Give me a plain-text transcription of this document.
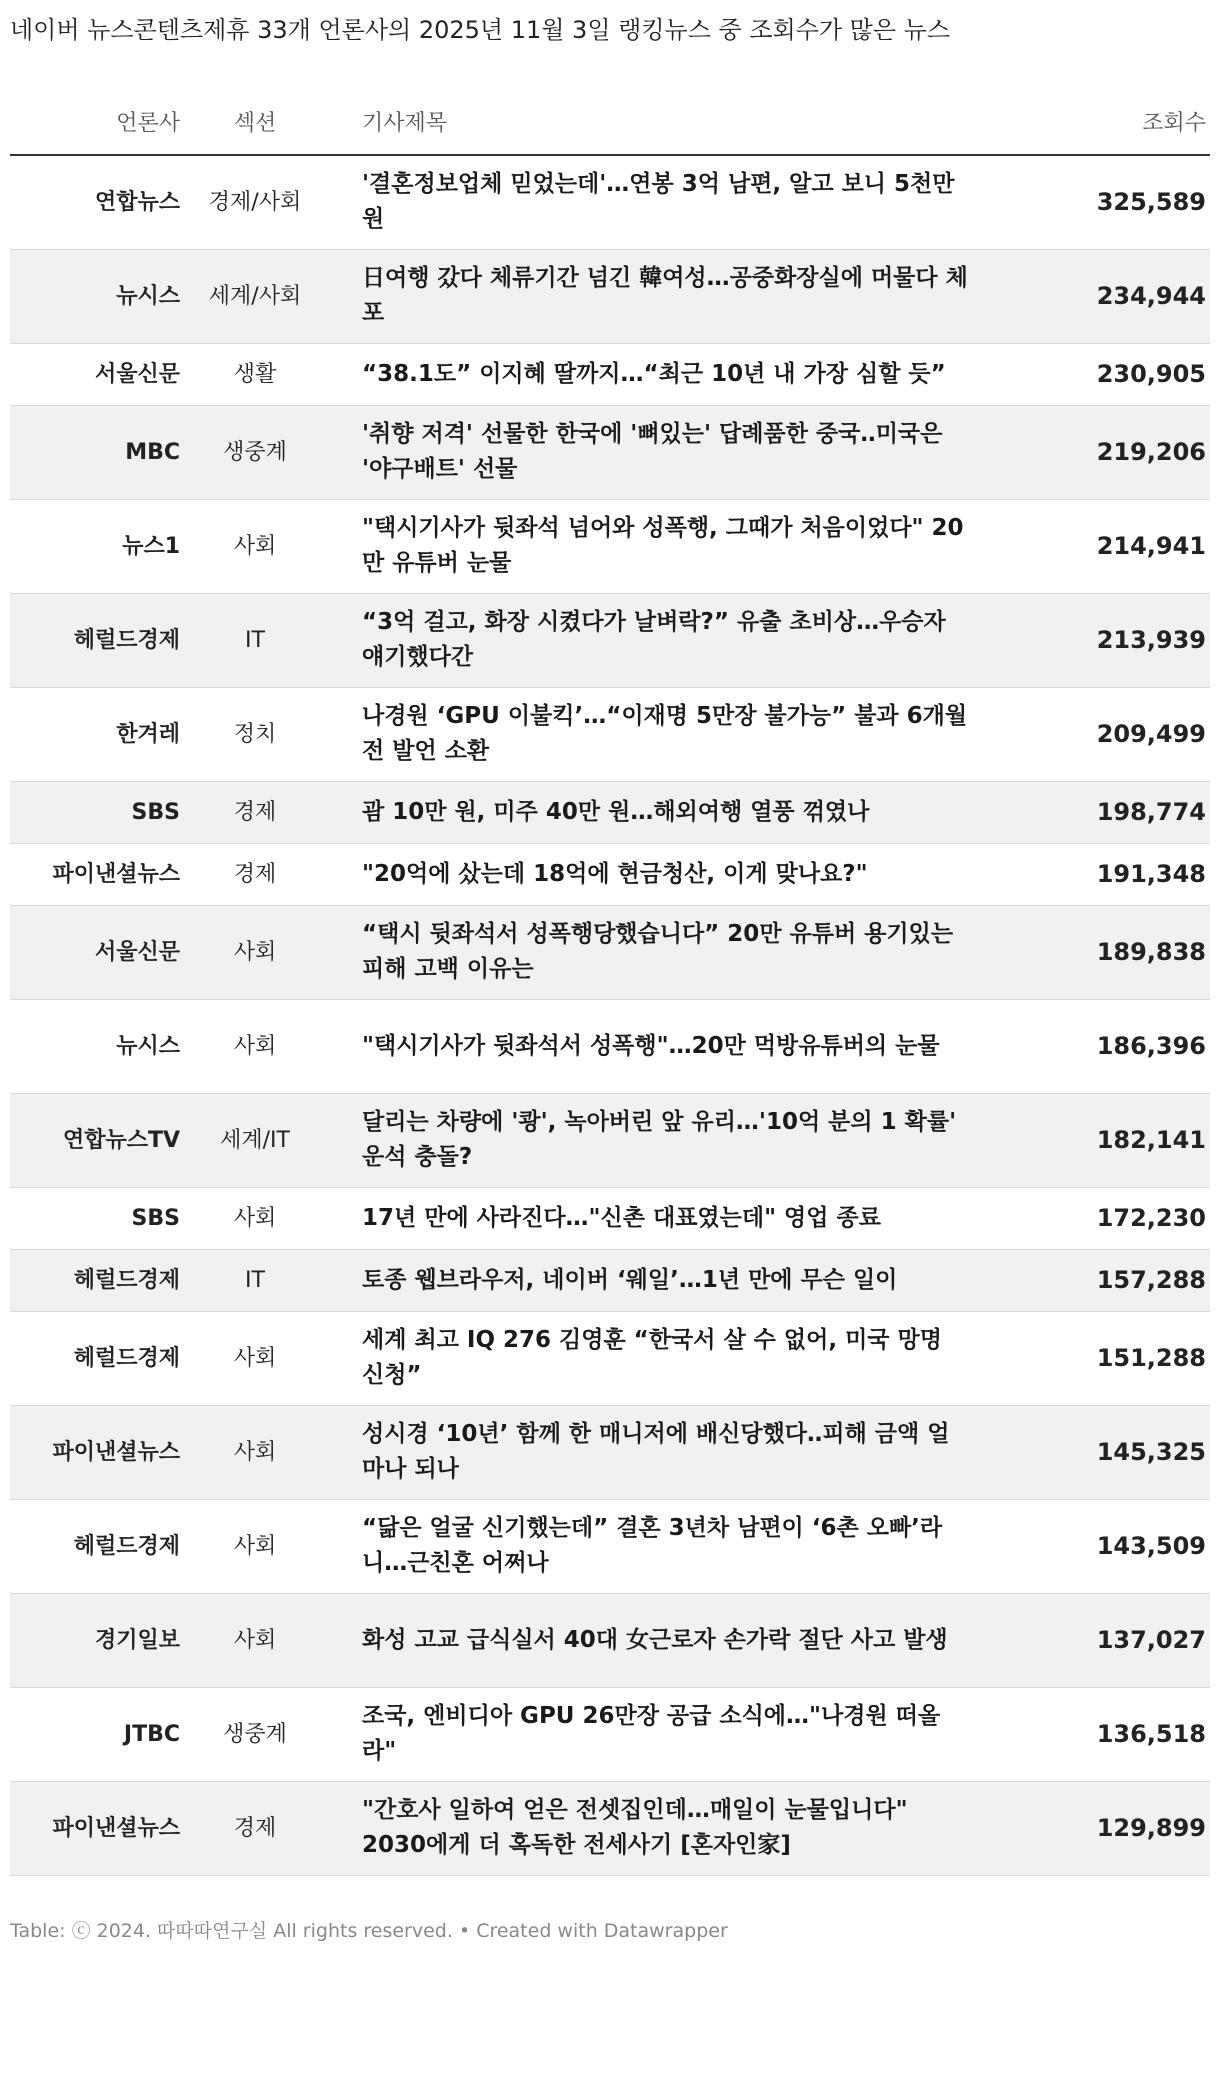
네이버 뉴스콘텐츠제휴 33개 언론사의 2025년 11월 3일 랭킹뉴스 중 조회수가 많은 뉴스
언론사	섹션	기사제목	조회수
연합뉴스	경제/사회	'결혼정보업체 믿었는데'…연봉 3억 남편, 알고 보니 5천만원	325,589
뉴시스	세계/사회	日여행 갔다 체류기간 넘긴 韓여성…공중화장실에 머물다 체포	234,944
서울신문	생활	“38.1도” 이지혜 딸까지…“최근 10년 내 가장 심할 듯”	230,905
MBC	생중계	'취향 저격' 선물한 한국에 '뼈있는' 답례품한 중국‥미국은 '야구배트' 선물	219,206
뉴스1	사회	"택시기사가 뒷좌석 넘어와 성폭행, 그때가 처음이었다" 20만 유튜버 눈물	214,941
헤럴드경제	IT	“3억 걸고, 화장 시켰다가 날벼락?” 유출 초비상…우승자 얘기했다간	213,939
한겨레	정치	나경원 ‘GPU 이불킥’…“이재명 5만장 불가능” 불과 6개월 전 발언 소환	209,499
SBS	경제	괌 10만 원, 미주 40만 원…해외여행 열풍 꺾였나	198,774
파이낸셜뉴스	경제	"20억에 샀는데 18억에 현금청산, 이게 맞나요?"	191,348
서울신문	사회	“택시 뒷좌석서 성폭행당했습니다” 20만 유튜버 용기있는 피해 고백 이유는	189,838
뉴시스	사회	"택시기사가 뒷좌석서 성폭행"…20만 먹방유튜버의 눈물	186,396
연합뉴스TV	세계/IT	달리는 차량에 '쾅', 녹아버린 앞 유리…'10억 분의 1 확률' 운석 충돌?	182,141
SBS	사회	17년 만에 사라진다…"신촌 대표였는데" 영업 종료	172,230
헤럴드경제	IT	토종 웹브라우저, 네이버 ‘웨일’…1년 만에 무슨 일이	157,288
헤럴드경제	사회	세계 최고 IQ 276 김영훈 “한국서 살 수 없어, 미국 망명 신청”	151,288
파이낸셜뉴스	사회	성시경 ‘10년’ 함께 한 매니저에 배신당했다‥피해 금액 얼마나 되나	145,325
헤럴드경제	사회	“닮은 얼굴 신기했는데” 결혼 3년차 남편이 ‘6촌 오빠’라니…근친혼 어쩌나	143,509
경기일보	사회	화성 고교 급식실서 40대 女근로자 손가락 절단 사고 발생	137,027
JTBC	생중계	조국, 엔비디아 GPU 26만장 공급 소식에…"나경원 떠올라"	136,518
파이낸셜뉴스	경제	"간호사 일하여 얻은 전셋집인데…매일이 눈물입니다" 2030에게 더 혹독한 전세사기 [혼자인家]	129,899
Table: ⓒ 2024. 따따따연구실 All rights reserved. • Created with Datawrapper
